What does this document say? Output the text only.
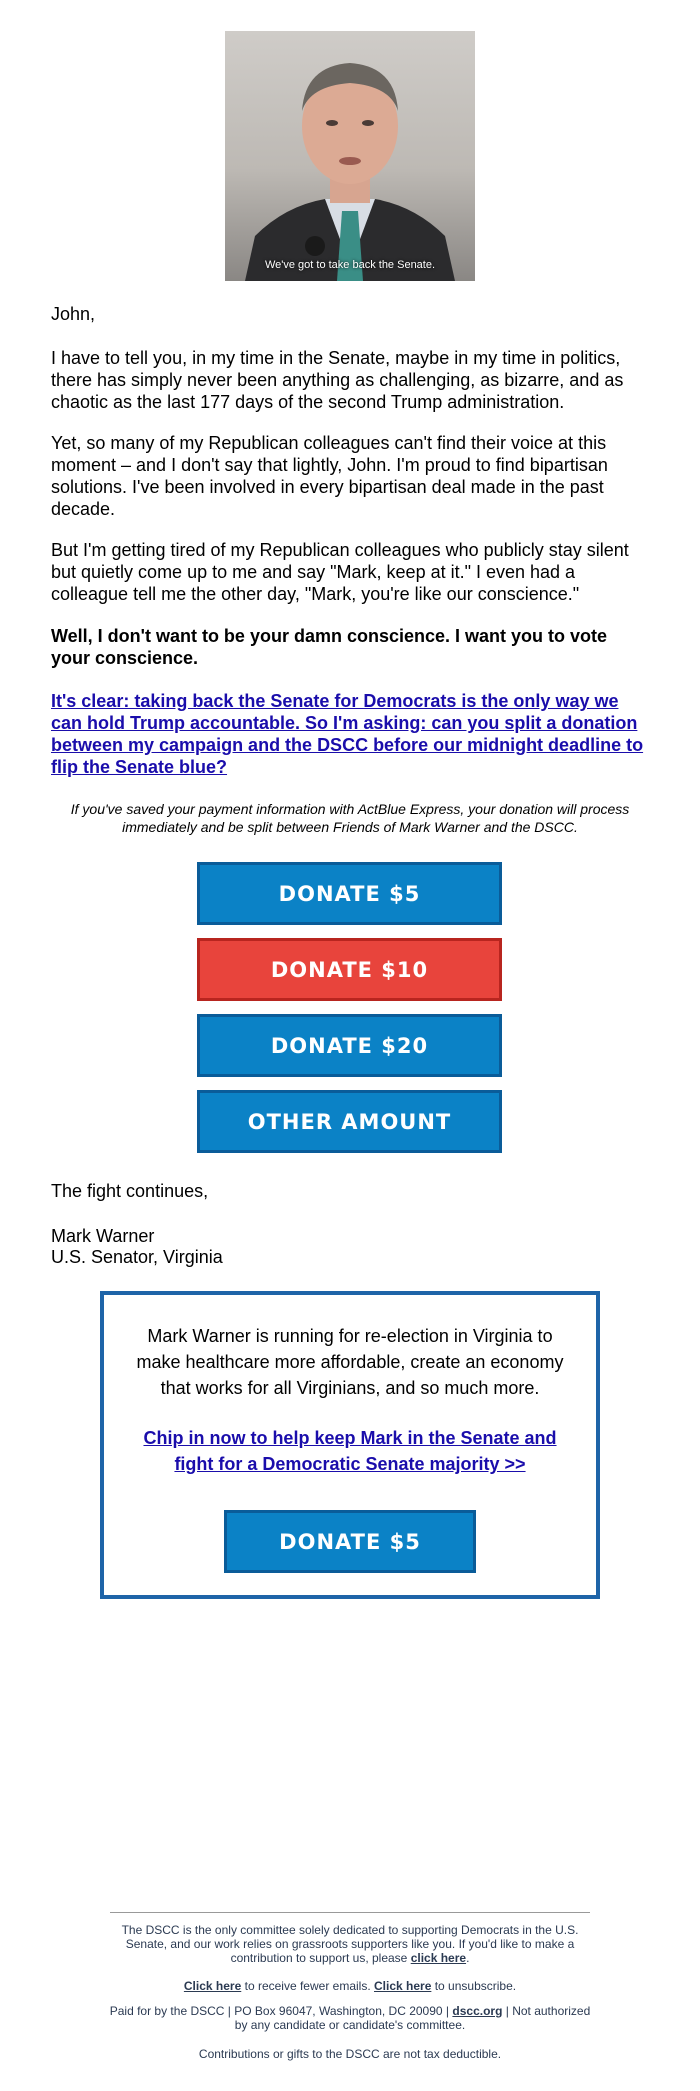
We've got to take back the Senate.

John,

I have to tell you, in my time in the Senate, maybe in my time in politics, there has simply never been anything as challenging, as bizarre, and as chaotic as the last 177 days of the second Trump administration.

Yet, so many of my Republican colleagues can't find their voice at this moment – and I don't say that lightly, John. I'm proud to find bipartisan solutions. I've been involved in every bipartisan deal made in the past decade.

But I'm getting tired of my Republican colleagues who publicly stay silent but quietly come up to me and say "Mark, keep at it." I even had a colleague tell me the other day, "Mark, you're like our conscience."

Well, I don't want to be your damn conscience. I want you to vote your conscience.

It's clear: taking back the Senate for Democrats is the only way we can hold Trump accountable. So I'm asking: can you split a donation between my campaign and the DSCC before our midnight deadline to flip the Senate blue?

If you've saved your payment information with ActBlue Express, your donation will process immediately and be split between Friends of Mark Warner and the DSCC.
DONATE $5
DONATE $10
DONATE $20
OTHER AMOUNT

The fight continues,

Mark Warner

U.S. Senator, Virginia

Mark Warner is running for re-election in Virginia to make healthcare more affordable, create an economy that works for all Virginians, and so much more.

Chip in now to help keep Mark in the Senate and fight for a Democratic Senate majority >>

DONATE $5

The DSCC is the only committee solely dedicated to supporting Democrats in the U.S. Senate, and our work relies on grassroots supporters like you. If you'd like to make a contribution to support us, please click here.

Click here to receive fewer emails. Click here to unsubscribe.

Paid for by the DSCC | PO Box 96047, Washington, DC 20090 | dscc.org | Not authorized by any candidate or candidate's committee.

Contributions or gifts to the DSCC are not tax deductible.
